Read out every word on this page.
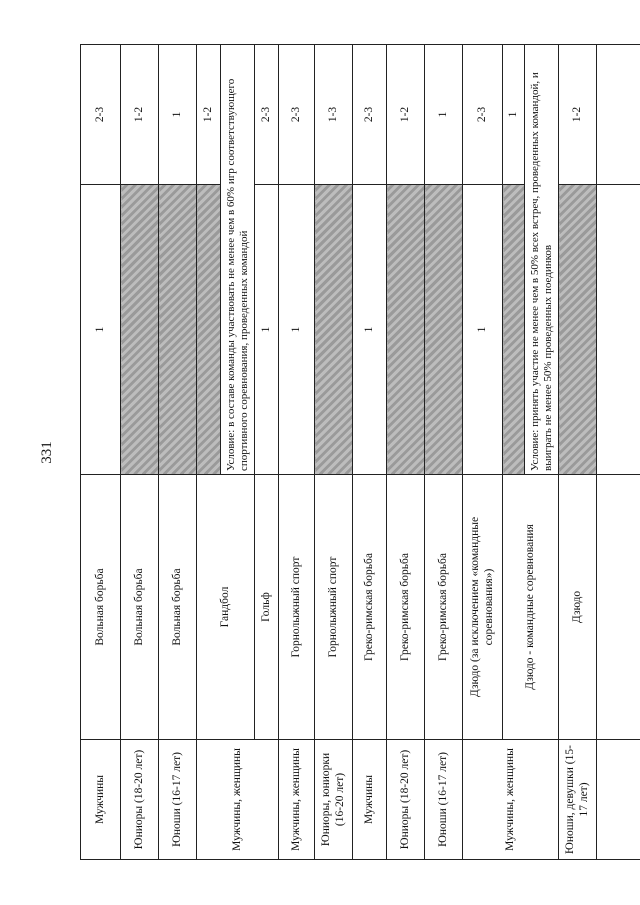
331
Мужчины	Вольная борьба	1	2-3
Юниоры (18-20 лет)	Вольная борьба		1-2
Юноши (16-17 лет)	Вольная борьба		1
Мужчины, женщины	Гандбол		1-2
		Условие: в составе команды участвовать не менее чем в 60% игр соответствующего спортивного соревнования, проведенных командой	
	Гольф	1	2-3
Мужчины, женщины	Горнолыжный спорт	1	2-3
Юниоры, юниорки (16-20 лет)	Горнолыжный спорт		1-3
Мужчины	Греко-римская борьба	1	2-3
Юниоры (18-20 лет)	Греко-римская борьба		1-2
Юноши (16-17 лет)	Греко-римская борьба		1
Мужчины, женщины	Дзюдо (за исключением «командные соревнования»)	1	2-3
	Дзюдо - командные соревнования		1
		Условие: принять участие не менее чем в 50% всех встреч, проведенных командой, и выиграть не менее 50% проведенных поединков	
Юноши, девушки (15-17 лет)	Дзюдо		1-2
